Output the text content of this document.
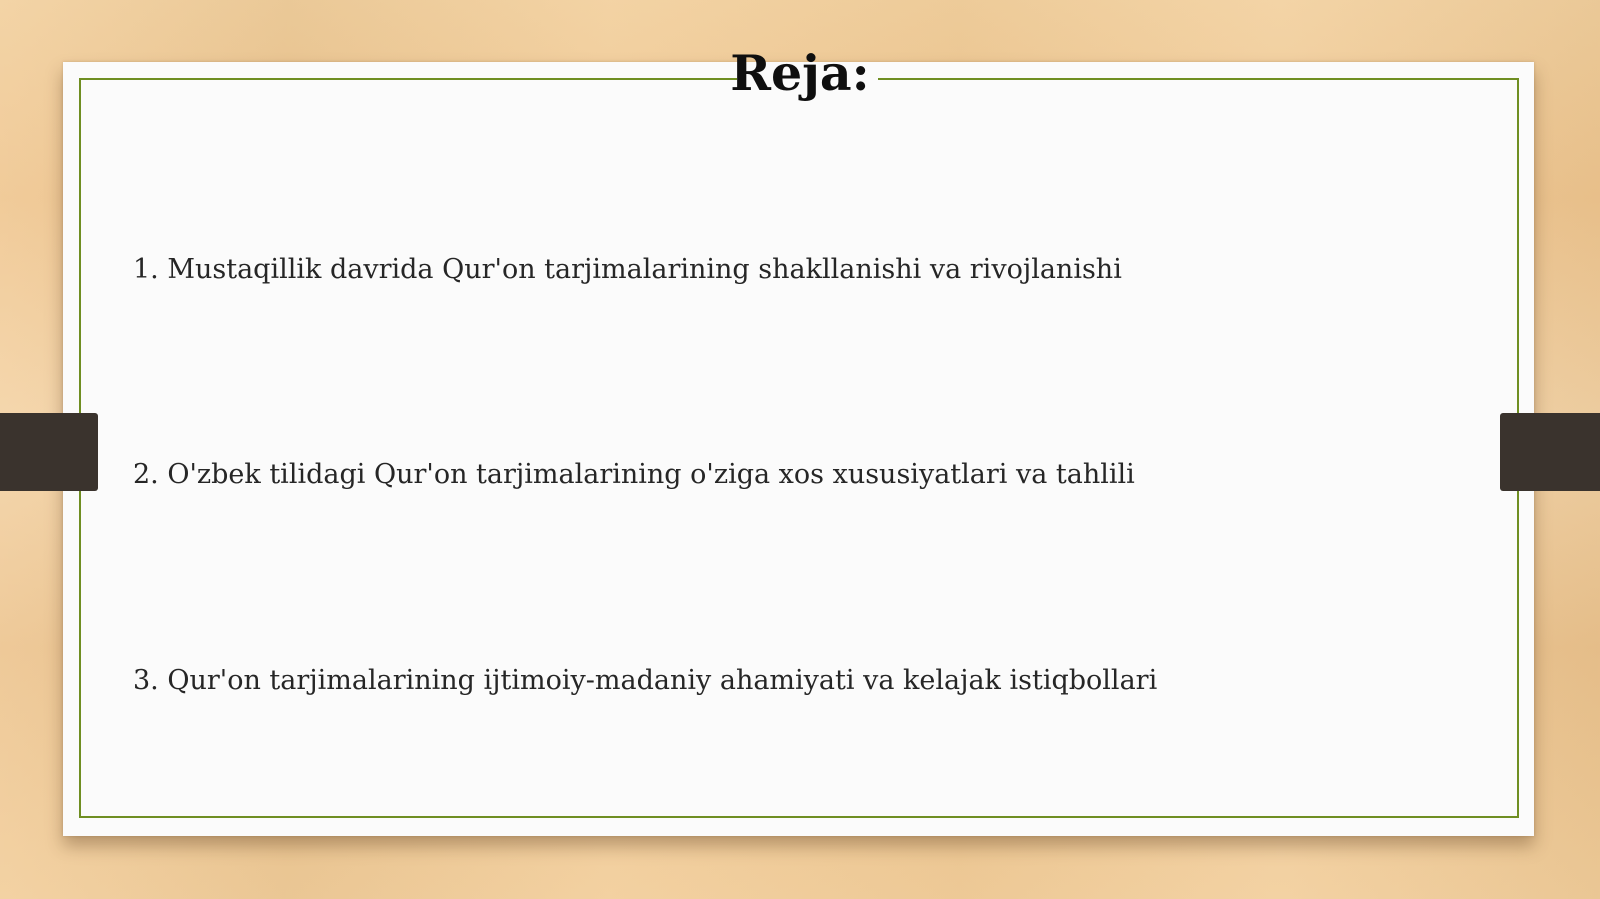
Reja:
1. Mustaqillik davrida Qur'on tarjimalarining shakllanishi va rivojlanishi
2. O'zbek tilidagi Qur'on tarjimalarining o'ziga xos xususiyatlari va tahlili
3. Qur'on tarjimalarining ijtimoiy-madaniy ahamiyati va kelajak istiqbollari
